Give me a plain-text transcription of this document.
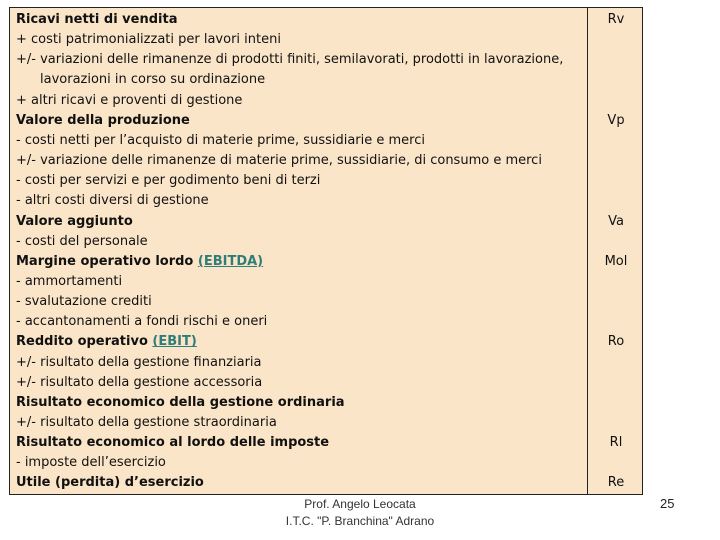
Ricavi netti di vendita
+ costi patrimonializzati per lavori inteni
+/- variazioni delle rimanenze di prodotti finiti, semilavorati, prodotti in lavorazione,
lavorazioni in corso su ordinazione
+ altri ricavi e proventi di gestione
Valore della produzione
- costi netti per l’acquisto di materie prime, sussidiarie e merci
+/- variazione delle rimanenze di materie prime, sussidiarie, di consumo e merci
- costi per servizi e per godimento beni di terzi
- altri costi diversi di gestione
Valore aggiunto
- costi del personale
Margine operativo lordo (EBITDA)
- ammortamenti
- svalutazione crediti
- accantonamenti a fondi rischi e oneri
Reddito operativo (EBIT)
+/- risultato della gestione finanziaria
+/- risultato della gestione accessoria
Risultato economico della gestione ordinaria
+/- risultato della gestione straordinaria
Risultato economico al lordo delle imposte
- imposte dell’esercizio
Utile (perdita) d’esercizio
Rv
Vp
Va
Mol
Ro
Rl
Re
Prof. Angelo Leocata
I.T.C. "P. Branchina" Adrano
25
